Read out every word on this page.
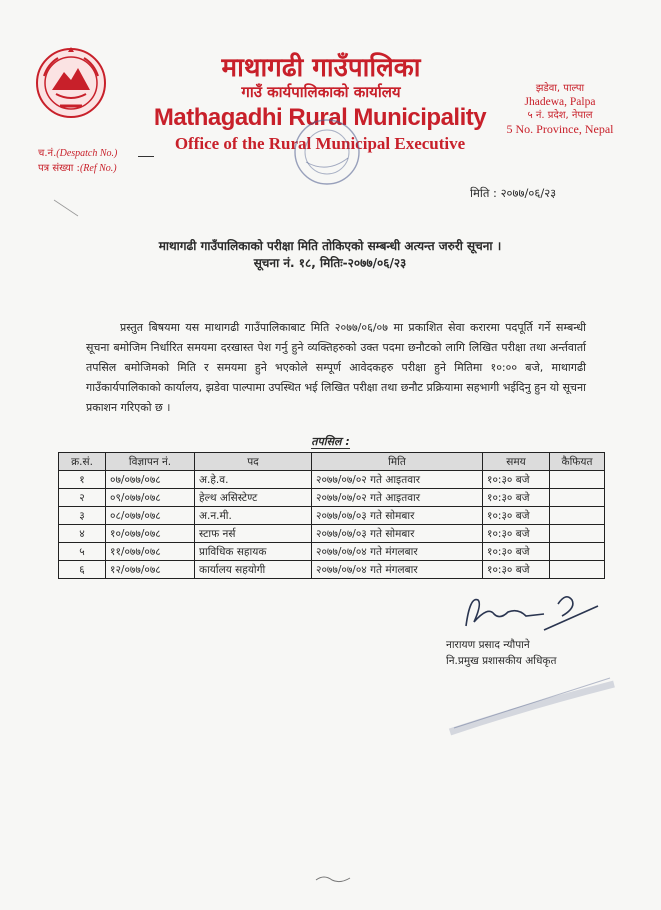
माथागढी गाउँपालिका
गाउँ कार्यपालिकाको कार्यालय
Mathagadhi Rural Municipality
Office of the Rural Municipal Executive
झडेवा, पाल्पा
Jhadewa, Palpa
५ नं. प्रदेश, नेपाल
5 No. Province, Nepal
च.नं.(Despatch No.)
पत्र संख्या :(Ref No.)
मिति : २०७७/०६/२३
माथागढी गाउँपालिकाको परीक्षा मिति तोकिएको सम्बन्धी अत्यन्त जरुरी सूचना ।
सूचना नं. १८, मितिः-२०७७/०६/२३
प्रस्तुत बिषयमा यस माथागढी गाउँपालिकाबाट मिति २०७७/०६/०७ मा प्रकाशित सेवा करारमा पदपूर्ति गर्ने सम्बन्धी सूचना बमोजिम निर्धारित समयमा दरखास्त पेश गर्नु हुने व्यक्तिहरुको उक्त पदमा छनौटको लागि लिखित परीक्षा तथा अर्न्तवार्ता तपसिल बमोजिमको मिति र समयमा हुने भएकोले सम्पूर्ण आवेदकहरु परीक्षा हुने मितिमा १०:०० बजे, माथागढी गाउँकार्यपालिकाको कार्यालय, झडेवा पाल्पामा उपस्थित भई लिखित परीक्षा तथा छनौट प्रक्रियामा सहभागी भईदिनु हुन यो सूचना प्रकाशन गरिएको छ ।
तपसिल :
क्र.सं.	विज्ञापन नं.	पद	मिति	समय	कैफियत
१	०७/०७७/०७८	अ.हे.व.	२०७७/०७/०२ गते आइतवार	१०:३० बजे	
२	०९/०७७/०७८	हेल्थ असिस्टेण्ट	२०७७/०७/०२ गते आइतवार	१०:३० बजे	
३	०८/०७७/०७८	अ.न.मी.	२०७७/०७/०३ गते सोमबार	१०:३० बजे	
४	१०/०७७/०७८	स्टाफ नर्स	२०७७/०७/०३ गते सोमबार	१०:३० बजे	
५	११/०७७/०७८	प्राविधिक सहायक	२०७७/०७/०४ गते मंगलबार	१०:३० बजे	
६	१२/०७७/०७८	कार्यालय सहयोगी	२०७७/०७/०४ गते मंगलबार	१०:३० बजे	
नारायण प्रसाद न्यौपाने
नि.प्रमुख प्रशासकीय अधिकृत
